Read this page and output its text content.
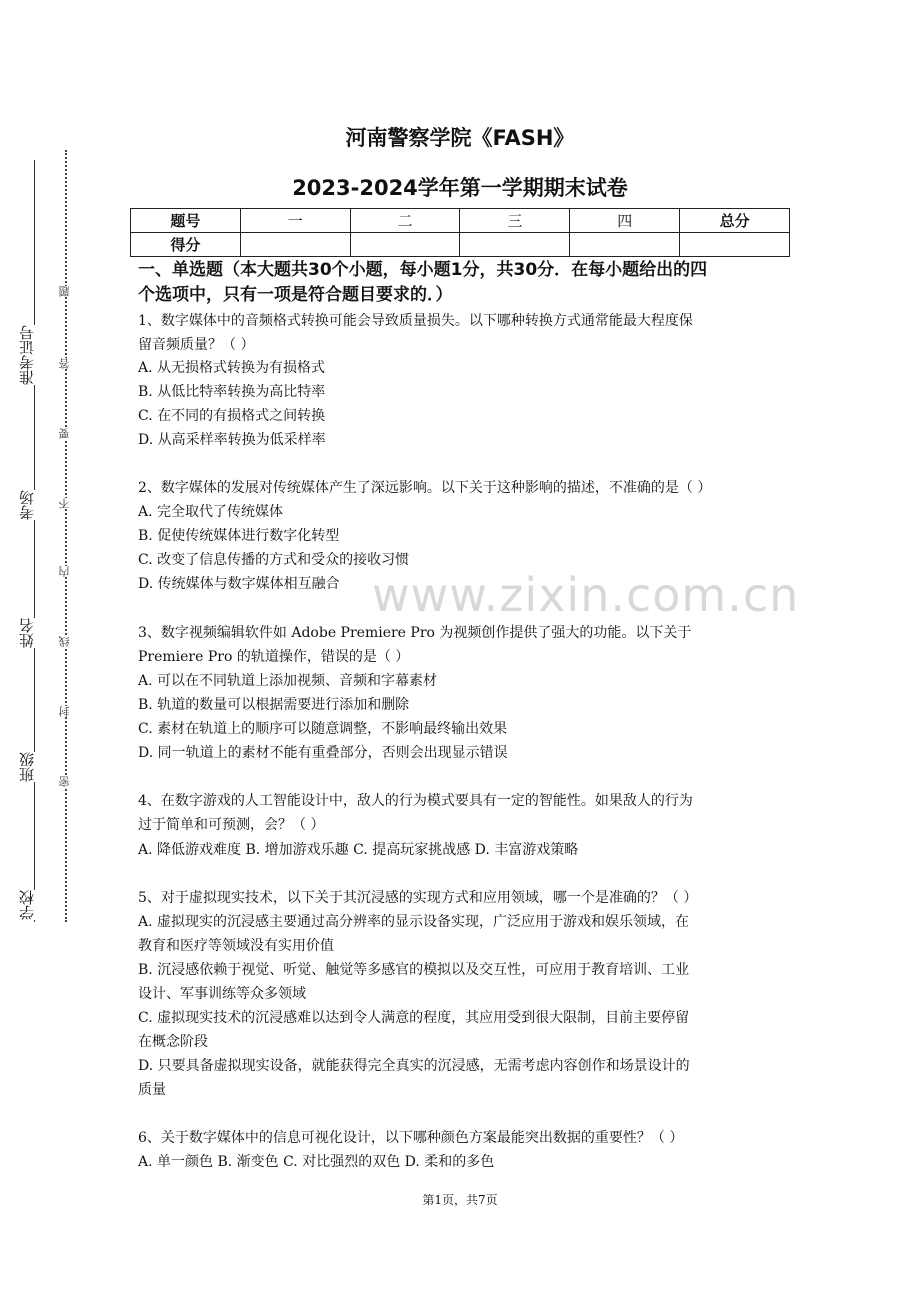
准考证号
考场
姓名
班级
学校
题
答
要
不
内
线
封
密
www.zixin.com.cn
河南警察学院《FASH》
2023-2024学年第一学期期末试卷
题号	一	二	三	四	总分
得分					
一、单选题（本大题共30个小题，每小题1分，共30分．在每小题给出的四
个选项中，只有一项是符合题目要求的．）
1、数字媒体中的音频格式转换可能会导致质量损失。以下哪种转换方式通常能最大程度保
留音频质量？（ ）
A. 从无损格式转换为有损格式
B. 从低比特率转换为高比特率
C. 在不同的有损格式之间转换
D. 从高采样率转换为低采样率
2、数字媒体的发展对传统媒体产生了深远影响。以下关于这种影响的描述，不准确的是（ ）
A. 完全取代了传统媒体
B. 促使传统媒体进行数字化转型
C. 改变了信息传播的方式和受众的接收习惯
D. 传统媒体与数字媒体相互融合
3、数字视频编辑软件如 Adobe Premiere Pro 为视频创作提供了强大的功能。以下关于
Premiere Pro 的轨道操作，错误的是（ ）
A. 可以在不同轨道上添加视频、音频和字幕素材
B. 轨道的数量可以根据需要进行添加和删除
C. 素材在轨道上的顺序可以随意调整，不影响最终输出效果
D. 同一轨道上的素材不能有重叠部分，否则会出现显示错误
4、在数字游戏的人工智能设计中，敌人的行为模式要具有一定的智能性。如果敌人的行为
过于简单和可预测，会？（ ）
A. 降低游戏难度 B. 增加游戏乐趣 C. 提高玩家挑战感 D. 丰富游戏策略
5、对于虚拟现实技术，以下关于其沉浸感的实现方式和应用领域，哪一个是准确的？（ ）
A. 虚拟现实的沉浸感主要通过高分辨率的显示设备实现，广泛应用于游戏和娱乐领域，在
教育和医疗等领域没有实用价值
B. 沉浸感依赖于视觉、听觉、触觉等多感官的模拟以及交互性，可应用于教育培训、工业
设计、军事训练等众多领域
C. 虚拟现实技术的沉浸感难以达到令人满意的程度，其应用受到很大限制，目前主要停留
在概念阶段
D. 只要具备虚拟现实设备，就能获得完全真实的沉浸感，无需考虑内容创作和场景设计的
质量
6、关于数字媒体中的信息可视化设计，以下哪种颜色方案最能突出数据的重要性？（ ）
A. 单一颜色 B. 渐变色 C. 对比强烈的双色 D. 柔和的多色
第1页，共7页
